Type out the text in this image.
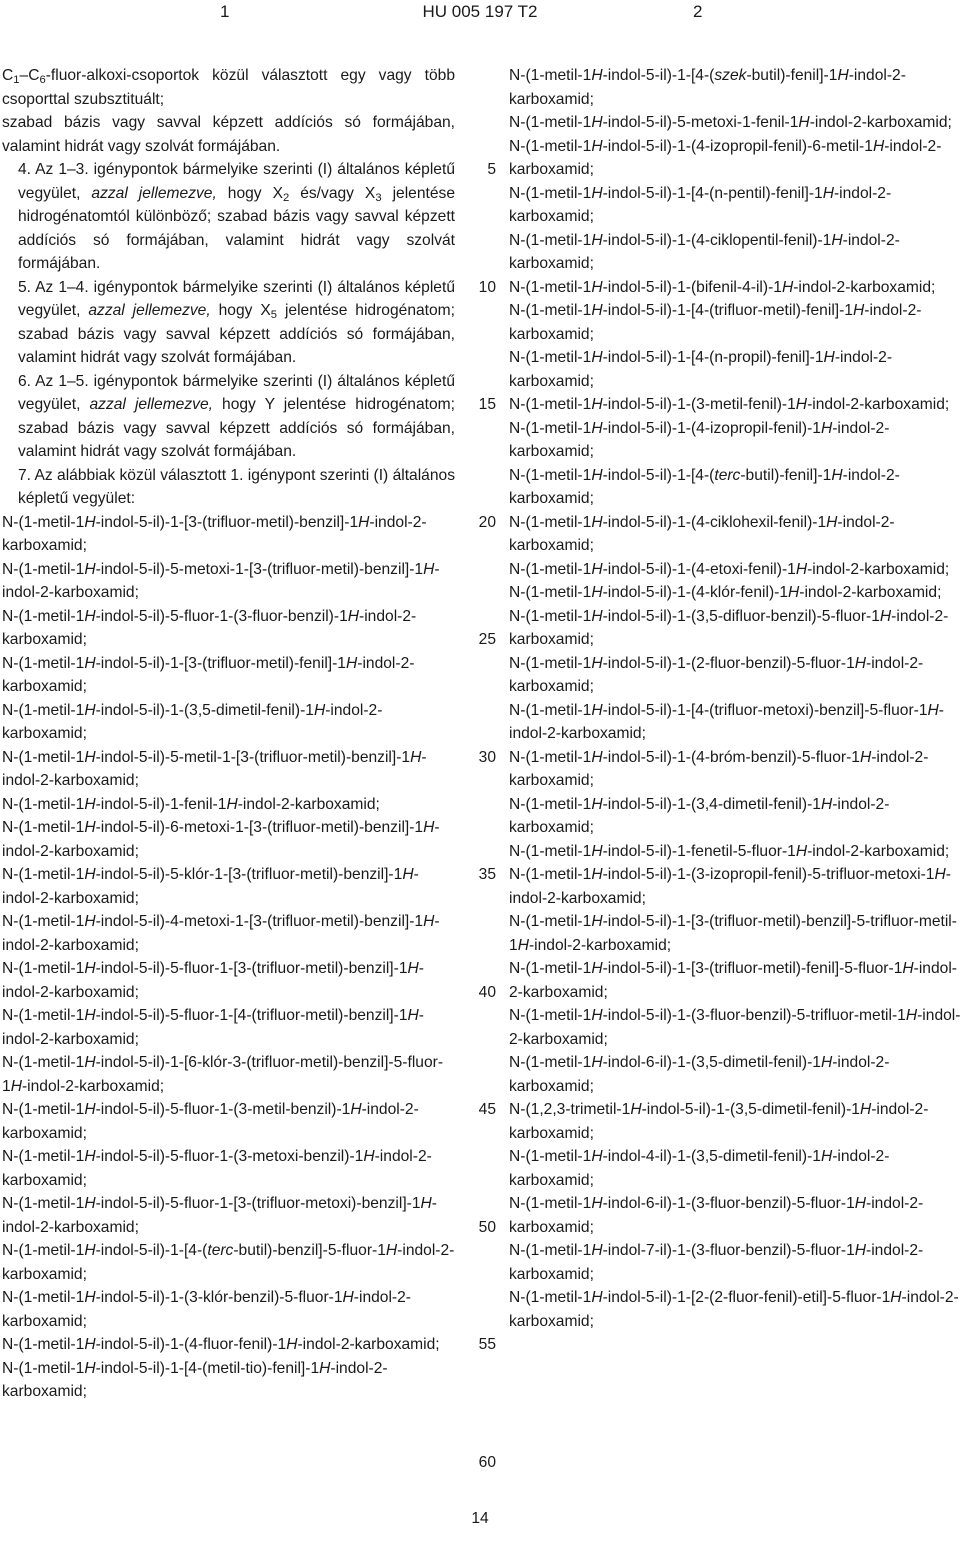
1	HU 005 197 T2	2

$C_1-C_6-fluor-alkoxi$-csoportok közül választott egy vagy több csoporttal szubsztituált;

szabad bázis vagy savval képzett addíciós só formájában, valamint hidrát vagy szolvát formájában.

4. Az 1–3. igénypontok bármelyike szerinti (I) általános képletű vegyület, azzal jellemezve, hogy $X_2$ és/vagy $X_3$ jelentése hidrogénatomtól különböző; szabad bázis vagy savval képzett addíciós só formájában, valamint hidrát vagy szolvát formájában.

5. Az 1–4. igénypontok bármelyike szerinti (I) általános képletű vegyület, azzal jellemezve, hogy $X_5$ jelentése hidrogénatom; szabad bázis vagy savval képzett addíciós só formájában, valamint hidrát vagy szolvát formájában.

6. Az 1–5. igénypontok bármelyike szerinti (I) általános képletű vegyület, azzal jellemezve, hogy Y jelentése hidrogénatom; szabad bázis vagy savval képzett addíciós só formájában, valamint hidrát vagy szolvát formájában.

7. Az alábbiak közül választott 1. igénypont szerinti (I) általános képletű vegyület:

N-(1-metil-1H-indol-5-il)-1-[3-(trifluor-metil)-benzil]-1H-indol-2-karboxamid;

N-(1-metil-1H-indol-5-il)-5-metoxi-1-[3-(trifluor-metil)-benzil]-1H-indol-2-karboxamid;

N-(1-metil-1H-indol-5-il)-5-fluor-1-(3-fluor-benzil)-1H-indol-2-karboxamid;

N-(1-metil-1H-indol-5-il)-1-[3-(trifluor-metil)-fenil]-1H-indol-2-karboxamid;

N-(1-metil-1H-indol-5-il)-1-(3,5-dimetil-fenil)-1H-indol-2-karboxamid;

N-(1-metil-1H-indol-5-il)-5-metil-1-[3-(trifluor-metil)-benzil]-1H-indol-2-karboxamid;

N-(1-metil-1H-indol-5-il)-1-fenil-1H-indol-2-karboxamid;

N-(1-metil-1H-indol-5-il)-6-metoxi-1-[3-(trifluor-metil)-benzil]-1H-indol-2-karboxamid;

N-(1-metil-1H-indol-5-il)-5-klór-1-[3-(trifluor-metil)-benzil]-1H-indol-2-karboxamid;

N-(1-metil-1H-indol-5-il)-4-metoxi-1-[3-(trifluor-metil)-benzil]-1H-indol-2-karboxamid;

N-(1-metil-1H-indol-5-il)-5-fluor-1-[3-(trifluor-metil)-benzil]-1H-indol-2-karboxamid;

N-(1-metil-1H-indol-5-il)-5-fluor-1-[4-(trifluor-metil)-benzil]-1H-indol-2-karboxamid;

N-(1-metil-1H-indol-5-il)-1-[6-klór-3-(trifluor-metil)-benzil]-5-fluor-1H-indol-2-karboxamid;

N-(1-metil-1H-indol-5-il)-5-fluor-1-(3-metil-benzil)-1H-indol-2-karboxamid;

N-(1-metil-1H-indol-5-il)-5-fluor-1-(3-metoxi-benzil)-1H-indol-2-karboxamid;

N-(1-metil-1H-indol-5-il)-5-fluor-1-[3-(trifluor-metoxi)-benzil]-1H-indol-2-karboxamid;

N-(1-metil-1H-indol-5-il)-1-[4-(terc-butil)-benzil]-5-fluor-1H-indol-2-karboxamid;

N-(1-metil-1H-indol-5-il)-1-(3-klór-benzil)-5-fluor-1H-indol-2-karboxamid;

N-(1-metil-1H-indol-5-il)-1-(4-fluor-fenil)-1H-indol-2-karboxamid;

N-(1-metil-1H-indol-5-il)-1-[4-(metil-tio)-fenil]-1H-indol-2-karboxamid;

5
10
15
20
25
30
35
40
45
50
55
60

N-(1-metil-1H-indol-5-il)-1-[4-(szek-butil)-fenil]-1H-indol-2-karboxamid;

N-(1-metil-1H-indol-5-il)-5-metoxi-1-fenil-1H-indol-2-karboxamid;

N-(1-metil-1H-indol-5-il)-1-(4-izopropil-fenil)-6-metil-1H-indol-2-karboxamid;

N-(1-metil-1H-indol-5-il)-1-[4-(n-pentil)-fenil]-1H-indol-2-karboxamid;

N-(1-metil-1H-indol-5-il)-1-(4-ciklopentil-fenil)-1H-indol-2-karboxamid;

N-(1-metil-1H-indol-5-il)-1-(bifenil-4-il)-1H-indol-2-karboxamid;

N-(1-metil-1H-indol-5-il)-1-[4-(trifluor-metil)-fenil]-1H-indol-2-karboxamid;

N-(1-metil-1H-indol-5-il)-1-[4-(n-propil)-fenil]-1H-indol-2-karboxamid;

N-(1-metil-1H-indol-5-il)-1-(3-metil-fenil)-1H-indol-2-karboxamid;

N-(1-metil-1H-indol-5-il)-1-(4-izopropil-fenil)-1H-indol-2-karboxamid;

N-(1-metil-1H-indol-5-il)-1-[4-(terc-butil)-fenil]-1H-indol-2-karboxamid;

N-(1-metil-1H-indol-5-il)-1-(4-ciklohexil-fenil)-1H-indol-2-karboxamid;

N-(1-metil-1H-indol-5-il)-1-(4-etoxi-fenil)-1H-indol-2-karboxamid;

N-(1-metil-1H-indol-5-il)-1-(4-klór-fenil)-1H-indol-2-karboxamid;

N-(1-metil-1H-indol-5-il)-1-(3,5-difluor-benzil)-5-fluor-1H-indol-2-karboxamid;

N-(1-metil-1H-indol-5-il)-1-(2-fluor-benzil)-5-fluor-1H-indol-2-karboxamid;

N-(1-metil-1H-indol-5-il)-1-[4-(trifluor-metoxi)-benzil]-5-fluor-1H-indol-2-karboxamid;

N-(1-metil-1H-indol-5-il)-1-(4-bróm-benzil)-5-fluor-1H-indol-2-karboxamid;

N-(1-metil-1H-indol-5-il)-1-(3,4-dimetil-fenil)-1H-indol-2-karboxamid;

N-(1-metil-1H-indol-5-il)-1-fenetil-5-fluor-1H-indol-2-karboxamid;

N-(1-metil-1H-indol-5-il)-1-(3-izopropil-fenil)-5-trifluor-metoxi-1H-indol-2-karboxamid;

N-(1-metil-1H-indol-5-il)-1-[3-(trifluor-metil)-benzil]-5-trifluor-metil-1H-indol-2-karboxamid;

N-(1-metil-1H-indol-5-il)-1-[3-(trifluor-metil)-fenil]-5-fluor-1H-indol-2-karboxamid;

N-(1-metil-1H-indol-5-il)-1-(3-fluor-benzil)-5-trifluor-metil-1H-indol-2-karboxamid;

N-(1-metil-1H-indol-6-il)-1-(3,5-dimetil-fenil)-1H-indol-2-karboxamid;

N-(1,2,3-trimetil-1H-indol-5-il)-1-(3,5-dimetil-fenil)-1H-indol-2-karboxamid;

N-(1-metil-1H-indol-4-il)-1-(3,5-dimetil-fenil)-1H-indol-2-karboxamid;

N-(1-metil-1H-indol-6-il)-1-(3-fluor-benzil)-5-fluor-1H-indol-2-karboxamid;

N-(1-metil-1H-indol-7-il)-1-(3-fluor-benzil)-5-fluor-1H-indol-2-karboxamid;

N-(1-metil-1H-indol-5-il)-1-[2-(2-fluor-fenil)-etil]-5-fluor-1H-indol-2-karboxamid;

14
